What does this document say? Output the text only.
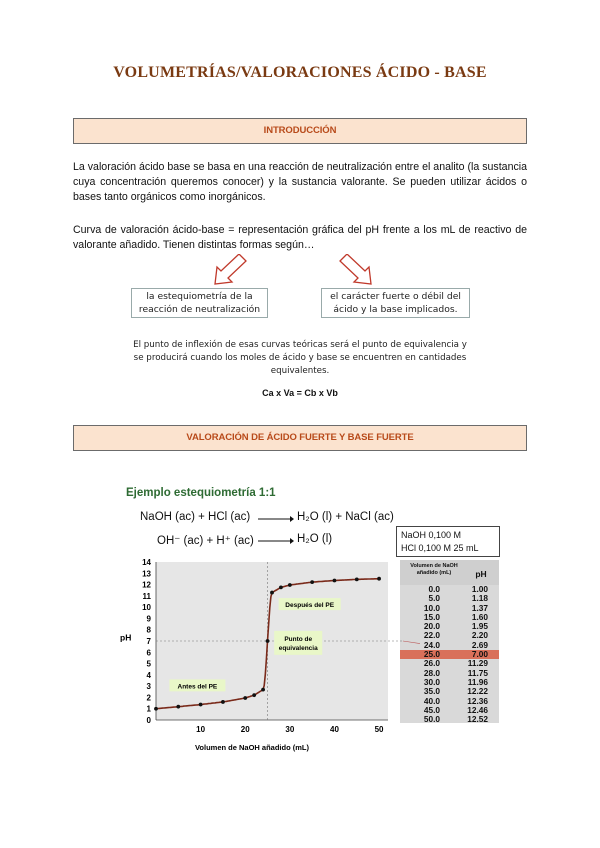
VOLUMETRÍAS/VALORACIONES ÁCIDO - BASE
INTRODUCCIÓN
La valoración ácido base se basa en una reacción de neutralización entre el analito (la sustancia cuya concentración queremos conocer) y la sustancia valorante. Se pueden utilizar ácidos o bases tanto orgánicos como inorgánicos.
Curva de valoración ácido-base = representación gráfica del pH frente a los mL de reactivo de valorante añadido. Tienen distintas formas según…
la estequiometría de la
reacción de neutralización
el carácter fuerte o débil del
ácido y la base implicados.
El punto de inflexión de esas curvas teóricas será el punto de equivalencia y
se producirá cuando los moles de ácido y base se encuentren en cantidades
equivalentes.
Ca x Va = Cb x Vb
VALORACIÓN DE ÁCIDO FUERTE Y BASE FUERTE
Ejemplo estequiometría 1:1
NaOH (ac) + HCl (ac) → H₂O (l) + NaCl (ac)
OH⁻ (ac) + H⁺ (ac) → H₂O (l)	NaOH 0,100 M
HCl 0,100 M 25 mL
Volumen de NaOH añadido (mL)	pH
0.0	1.00
5.0	1.18
10.0	1.37
15.0	1.60
20.0	1.95
22.0	2.20
24.0	2.69
25.0	7.00
26.0	11.29
28.0	11.75
30.0	11.96
35.0	12.22
40.0	12.36
45.0	12.46
50.0	12.52
0
1
2
3
4
5
6
7
8
9
10
11
12
13
14
10	20	30	40	50
pH
Volumen de NaOH añadido (mL)
Antes del PE
Después del PE
Punto de
equivalencia
